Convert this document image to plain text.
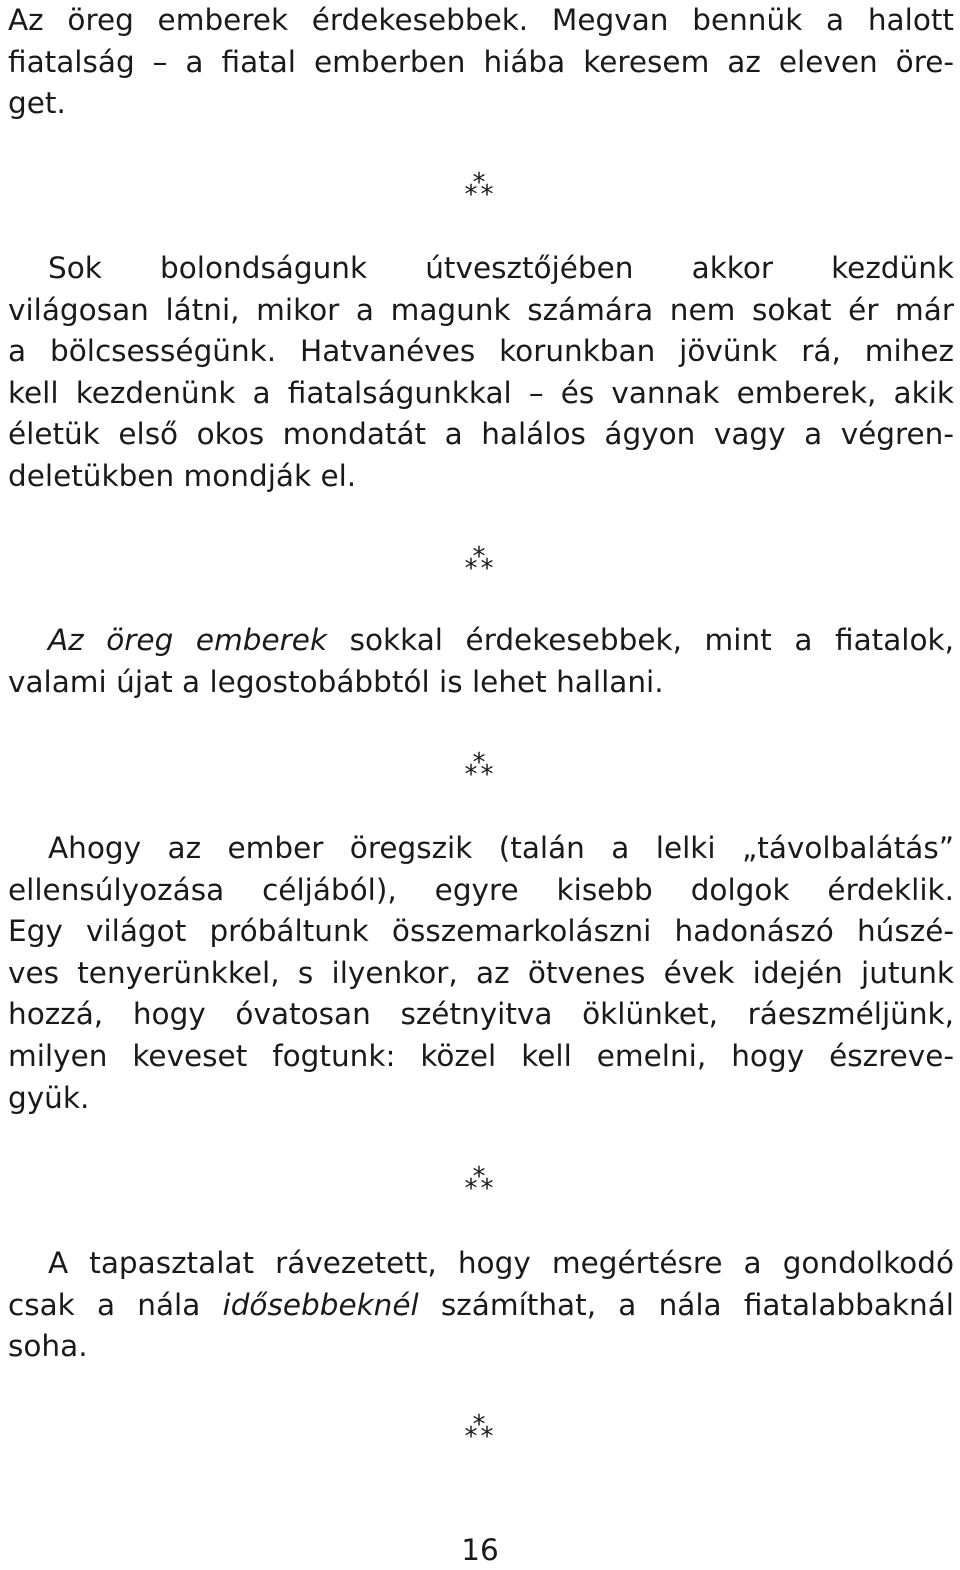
Az öreg emberek érdekesebbek. Megvan bennük a halott
fiatalság – a fiatal emberben hiába keresem az eleven öre-
get.
*
* *
Sok bolondságunk útvesztőjében akkor kezdünk
világosan látni, mikor a magunk számára nem sokat ér már
a bölcsességünk. Hatvanéves korunkban jövünk rá, mihez
kell kezdenünk a fiatalságunkkal – és vannak emberek, akik
életük első okos mondatát a halálos ágyon vagy a végren-
deletükben mondják el.
*
* *
Az öreg emberek sokkal érdekesebbek, mint a fiatalok,
valami újat a legostobábbtól is lehet hallani.
*
* *
Ahogy az ember öregszik (talán a lelki „távolbalátás”
ellensúlyozása céljából), egyre kisebb dolgok érdeklik.
Egy világot próbáltunk összemarkolászni hadonászó húszé-
ves tenyerünkkel, s ilyenkor, az ötvenes évek idején jutunk
hozzá, hogy óvatosan szétnyitva öklünket, ráeszméljünk,
milyen keveset fogtunk: közel kell emelni, hogy észreve-
gyük.
*
* *
A tapasztalat rávezetett, hogy megértésre a gondolkodó
csak a nála idősebbeknél számíthat, a nála fiatalabbaknál
soha.
*
* *
16
